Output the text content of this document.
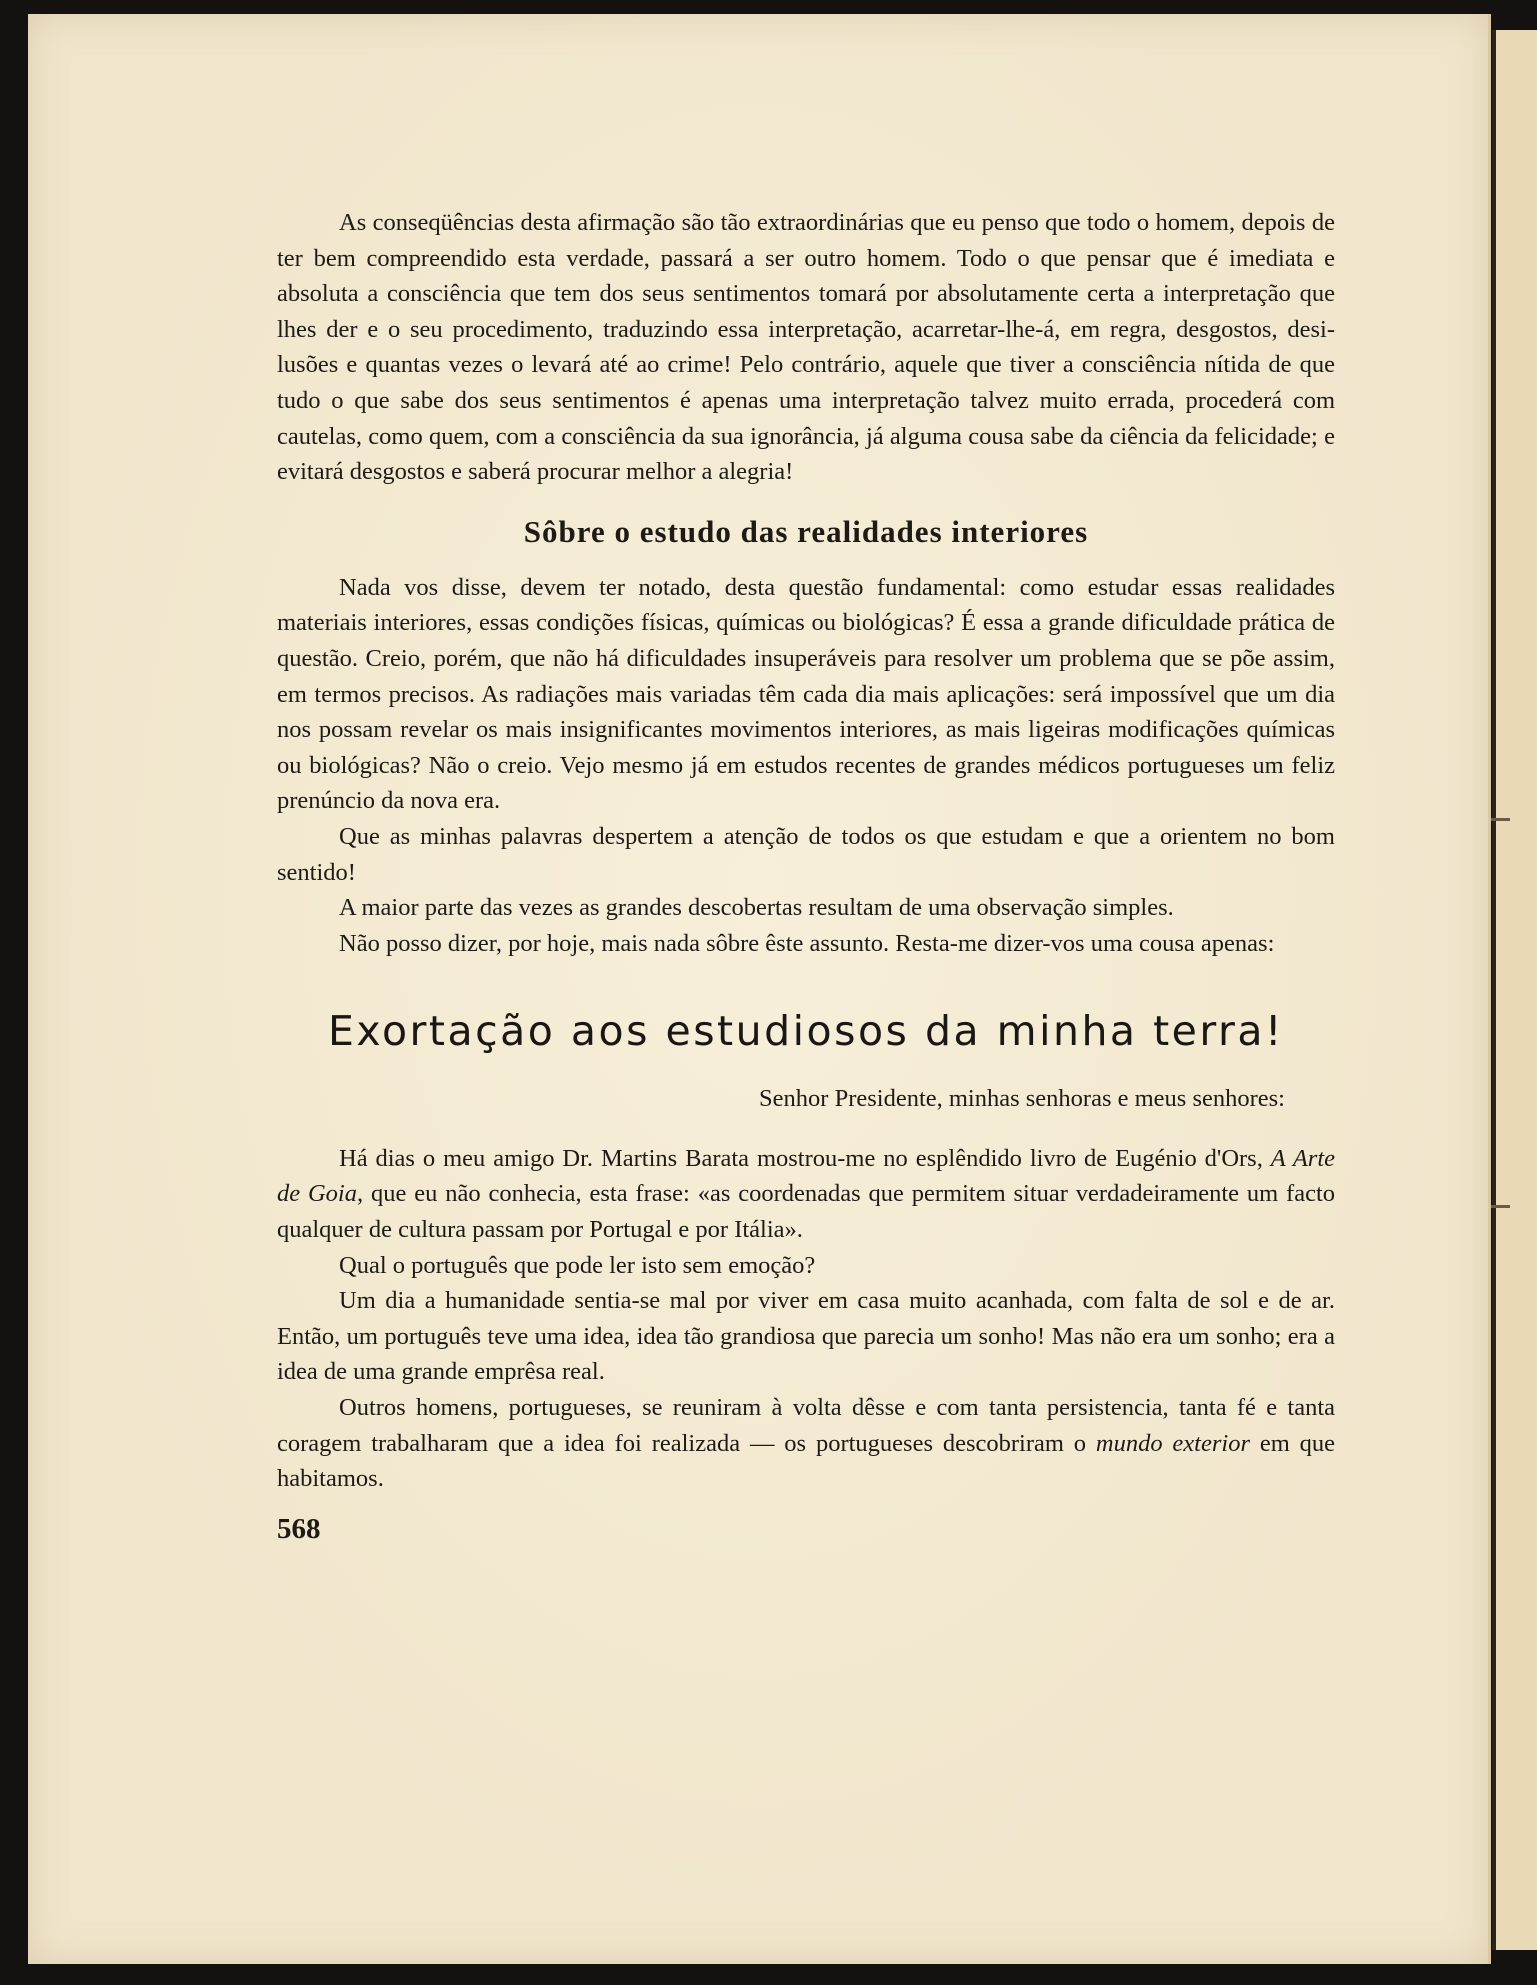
As conseqüências desta afirmação são tão extraordinárias que eu penso que todo o homem, depois de ter bem compreendido esta verdade, passará a ser outro homem. Todo o que pensar que é imediata e absoluta a consciência que tem dos seus sentimentos tomará por absolutamente certa a interpretação que lhes der e o seu procedimento, traduzindo essa interpretação, acarretar-lhe-á, em regra, desgostos, desilusões e quantas vezes o levará até ao crime! Pelo contrário, aquele que tiver a consciência nítida de que tudo o que sabe dos seus sentimentos é apenas uma interpretação talvez muito errada, procederá com cautelas, como quem, com a consciência da sua ignorância, já alguma cousa sabe da ciência da felicidade; e evitará desgostos e saberá procurar melhor a alegria!

Sôbre o estudo das realidades interiores

Nada vos disse, devem ter notado, desta questão fundamental: como estudar essas realidades materiais interiores, essas condições físicas, químicas ou biológicas? É essa a grande dificuldade prática de questão. Creio, porém, que não há dificuldades insuperáveis para resolver um problema que se põe assim, em termos precisos. As radiações mais variadas têm cada dia mais aplicações: será impossível que um dia nos possam revelar os mais insignificantes movimentos interiores, as mais ligeiras modificações químicas ou biológicas? Não o creio. Vejo mesmo já em estudos recentes de grandes médicos portugueses um feliz prenúncio da nova era.

Que as minhas palavras despertem a atenção de todos os que estudam e que a orientem no bom sentido!

A maior parte das vezes as grandes descobertas resultam de uma observação simples.

Não posso dizer, por hoje, mais nada sôbre êste assunto. Resta-me dizer-vos uma cousa apenas:

Exortação aos estudiosos da minha terra!
Senhor Presidente, minhas senhoras e meus senhores:

Há dias o meu amigo Dr. Martins Barata mostrou-me no esplêndido livro de Eugénio d'Ors, A Arte de Goia, que eu não conhecia, esta frase: «as coordenadas que permitem situar verdadeiramente um facto qualquer de cultura passam por Portugal e por Itália».

Qual o português que pode ler isto sem emoção?

Um dia a humanidade sentia-se mal por viver em casa muito acanhada, com falta de sol e de ar. Então, um português teve uma idea, idea tão grandiosa que parecia um sonho! Mas não era um sonho; era a idea de uma grande emprêsa real.

Outros homens, portugueses, se reuniram à volta dêsse e com tanta persistencia, tanta fé e tanta coragem trabalharam que a idea foi realizada — os portugueses descobriram o mundo exterior em que habitamos.

568
